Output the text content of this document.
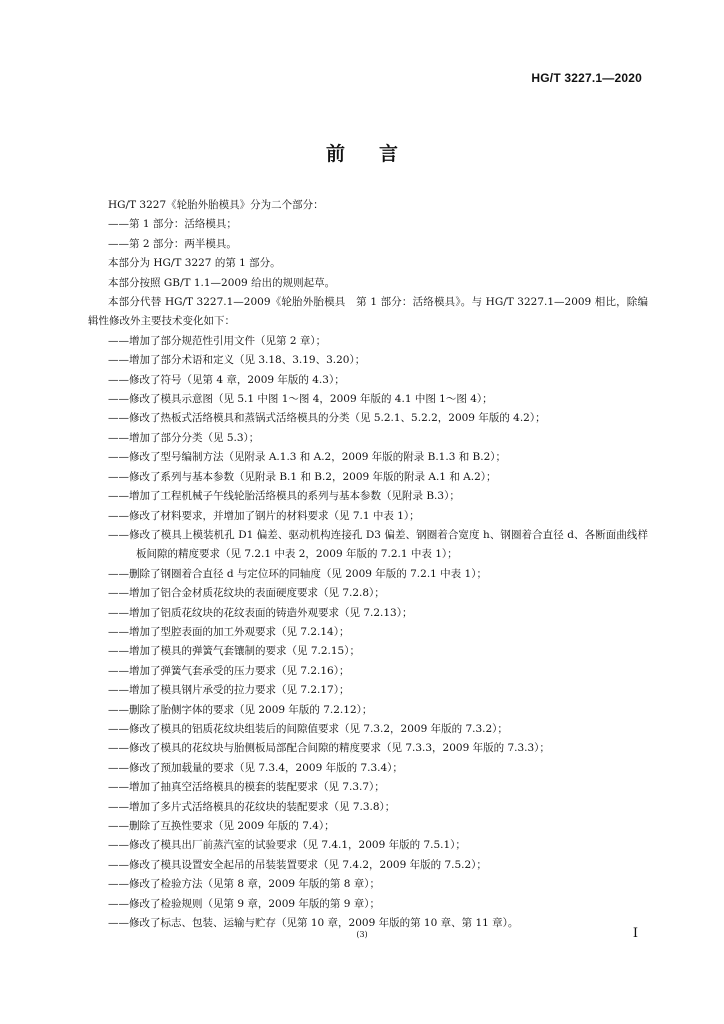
HG/T 3227.1—2020
前言

HG/T 3227《轮胎外胎模具》分为二个部分：

——第 1 部分：活络模具；

——第 2 部分：两半模具。

本部分为 HG/T 3227 的第 1 部分。

本部分按照 GB/T 1.1—2009 给出的规则起草。

本部分代替 HG/T 3227.1—2009《轮胎外胎模具　第 1 部分：活络模具》。与 HG/T 3227.1—2009 相比，除编辑性修改外主要技术变化如下：

——增加了部分规范性引用文件（见第 2 章）；

——增加了部分术语和定义（见 3.18、3.19、3.20）；

——修改了符号（见第 4 章，2009 年版的 4.3）；

——修改了模具示意图（见 5.1 中图 1～图 4，2009 年版的 4.1 中图 1～图 4）；

——修改了热板式活络模具和蒸锅式活络模具的分类（见 5.2.1、5.2.2，2009 年版的 4.2）；

——增加了部分分类（见 5.3）；

——修改了型号编制方法（见附录 A.1.3 和 A.2，2009 年版的附录 B.1.3 和 B.2）；

——修改了系列与基本参数（见附录 B.1 和 B.2，2009 年版的附录 A.1 和 A.2）；

——增加了工程机械子午线轮胎活络模具的系列与基本参数（见附录 B.3）；

——修改了材料要求，并增加了钢片的材料要求（见 7.1 中表 1）；

——修改了模具上模装机孔 D1 偏差、驱动机构连接孔 D3 偏差、钢圈着合宽度 h、钢圈着合直径 d、各断面曲线样板间隙的精度要求（见 7.2.1 中表 2，2009 年版的 7.2.1 中表 1）；

——删除了钢圈着合直径 d 与定位环的同轴度（见 2009 年版的 7.2.1 中表 1）；

——增加了铝合金材质花纹块的表面硬度要求（见 7.2.8）；

——增加了铝质花纹块的花纹表面的铸造外观要求（见 7.2.13）；

——增加了型腔表面的加工外观要求（见 7.2.14）；

——增加了模具的弹簧气套镶制的要求（见 7.2.15）；

——增加了弹簧气套承受的压力要求（见 7.2.16）；

——增加了模具钢片承受的拉力要求（见 7.2.17）；

——删除了胎侧字体的要求（见 2009 年版的 7.2.12）；

——修改了模具的铝质花纹块组装后的间隙值要求（见 7.3.2，2009 年版的 7.3.2）；

——修改了模具的花纹块与胎侧板局部配合间隙的精度要求（见 7.3.3，2009 年版的 7.3.3）；

——修改了预加载量的要求（见 7.3.4，2009 年版的 7.3.4）；

——增加了抽真空活络模具的模套的装配要求（见 7.3.7）；

——增加了多片式活络模具的花纹块的装配要求（见 7.3.8）；

——删除了互换性要求（见 2009 年版的 7.4）；

——修改了模具出厂前蒸汽室的试验要求（见 7.4.1，2009 年版的 7.5.1）；

——修改了模具设置安全起吊的吊装装置要求（见 7.4.2，2009 年版的 7.5.2）；

——修改了检验方法（见第 8 章，2009 年版的第 8 章）；

——修改了检验规则（见第 9 章，2009 年版的第 9 章）；

——修改了标志、包装、运输与贮存（见第 10 章，2009 年版的第 10 章、第 11 章）。

(3)	I
